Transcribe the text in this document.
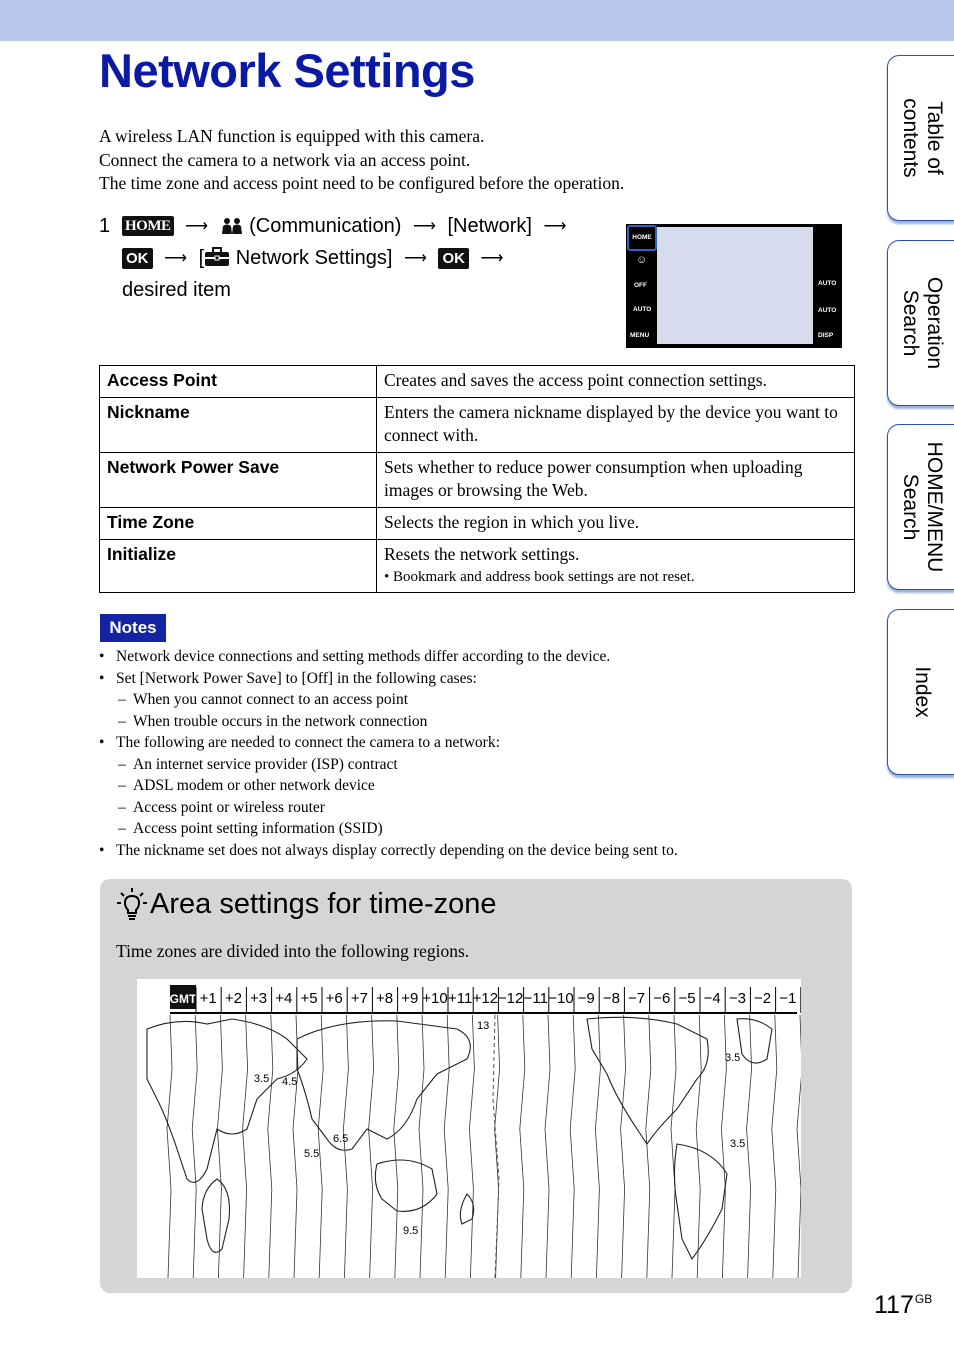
Network Settings
A wireless LAN function is equipped with this camera.
Connect the camera to a network via an access point.
The time zone and access point need to be configured before the operation.
1 HOME ⟶ (Communication) ⟶ [Network] ⟶
OK ⟶ [ Network Settings] ⟶ OK ⟶
desired item
HOME
☺
OFF
AUTO
MENU
AUTO
AUTO
DISP
Access Point	Creates and saves the access point connection settings.
Nickname	Enters the camera nickname displayed by the device you want to connect with.
Network Power Save	Sets whether to reduce power consumption when uploading images or browsing the Web.
Time Zone	Selects the region in which you live.
Initialize	Resets the network settings.
• Bookmark and address book settings are not reset.
Notes
• Network device connections and setting methods differ according to the device.
• Set [Network Power Save] to [Off] in the following cases:
– When you cannot connect to an access point
– When trouble occurs in the network connection
• The following are needed to connect the camera to a network:
– An internet service provider (ISP) contract
– ADSL modem or other network device
– Access point or wireless router
– Access point setting information (SSID)
• The nickname set does not always display correctly depending on the device being sent to.
Area settings for time-zone
Time zones are divided into the following regions.
GMT +1 +2 +3 +4 +5 +6 +7 +8 +9 +10 +11 +12 −12 −11 −10 −9 −8 −7 −6 −5 −4 −3 −2 −1
3.5 4.5
6.5
5.5
9.5
13
3.5
3.5
Table of contents
Operation Search
HOME/MENU Search
Index
$117^{GB}$
